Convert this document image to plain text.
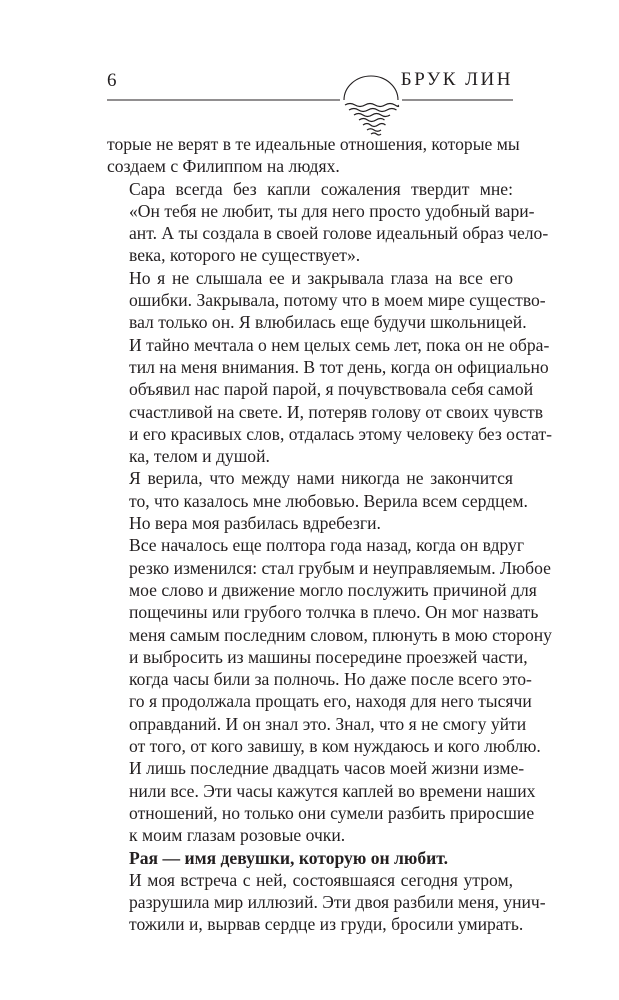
6	БРУК ЛИН

торые не верят в те идеальные отношения, которые мы
создаем с Филиппом на людях.

Сара всегда без капли сожаления твердит мне:
«Он тебя не любит, ты для него просто удобный вари-
ант. А ты создала в своей голове идеальный образ чело-
века, которого не существует».

Но я не слышала ее и закрывала глаза на все его
ошибки. Закрывала, потому что в моем мире существо-
вал только он. Я влюбилась еще будучи школьницей.
И тайно мечтала о нем целых семь лет, пока он не обра-
тил на меня внимания. В тот день, когда он официально
объявил нас парой парой, я почувствовала себя самой
счастливой на свете. И, потеряв голову от своих чувств
и его красивых слов, отдалась этому человеку без остат-
ка, телом и душой.

Я верила, что между нами никогда не закончится
то, что казалось мне любовью. Верила всем сердцем.
Но вера моя разбилась вдребезги.

Все началось еще полтора года назад, когда он вдруг
резко изменился: стал грубым и неуправляемым. Любое
мое слово и движение могло послужить причиной для
пощечины или грубого толчка в плечо. Он мог назвать
меня самым последним словом, плюнуть в мою сторону
и выбросить из машины посередине проезжей части,
когда часы били за полночь. Но даже после всего это-
го я продолжала прощать его, находя для него тысячи
оправданий. И он знал это. Знал, что я не смогу уйти
от того, от кого завишу, в ком нуждаюсь и кого люблю.

И лишь последние двадцать часов моей жизни изме-
нили все. Эти часы кажутся каплей во времени наших
отношений, но только они сумели разбить приросшие
к моим глазам розовые очки.

Рая — имя девушки, которую он любит.

И моя встреча с ней, состоявшаяся сегодня утром,
разрушила мир иллюзий. Эти двоя разбили меня, унич-
тожили и, вырвав сердце из груди, бросили умирать.
